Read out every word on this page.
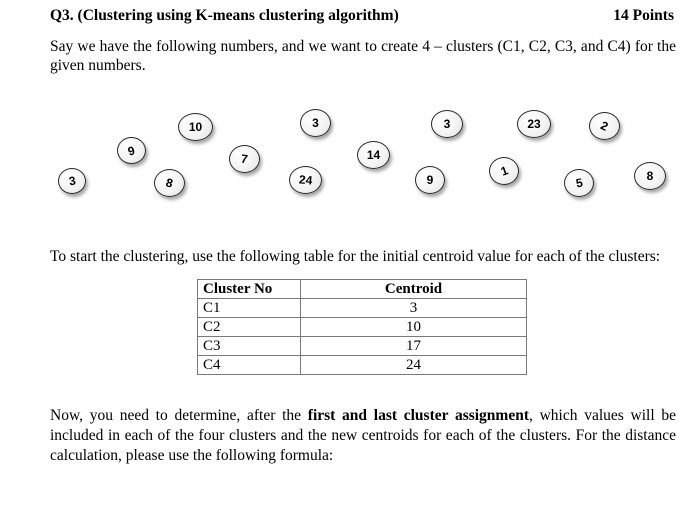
Q3. (Clustering using K-means clustering algorithm)	14 Points
Say we have the following numbers, and we want to create 4 – clusters (C1, C2, C3, and C4) for the given numbers.
3
9
8
10
7
24
3
14
3
9
1
23
5
2
8
To start the clustering, use the following table for the initial centroid value for each of the clusters:
Cluster No	Centroid
C1	3
C2	10
C3	17
C4	24
Now, you need to determine, after the first and last cluster assignment, which values will be included in each of the four clusters and the new centroids for each of the clusters. For the distance calculation, please use the following formula:
